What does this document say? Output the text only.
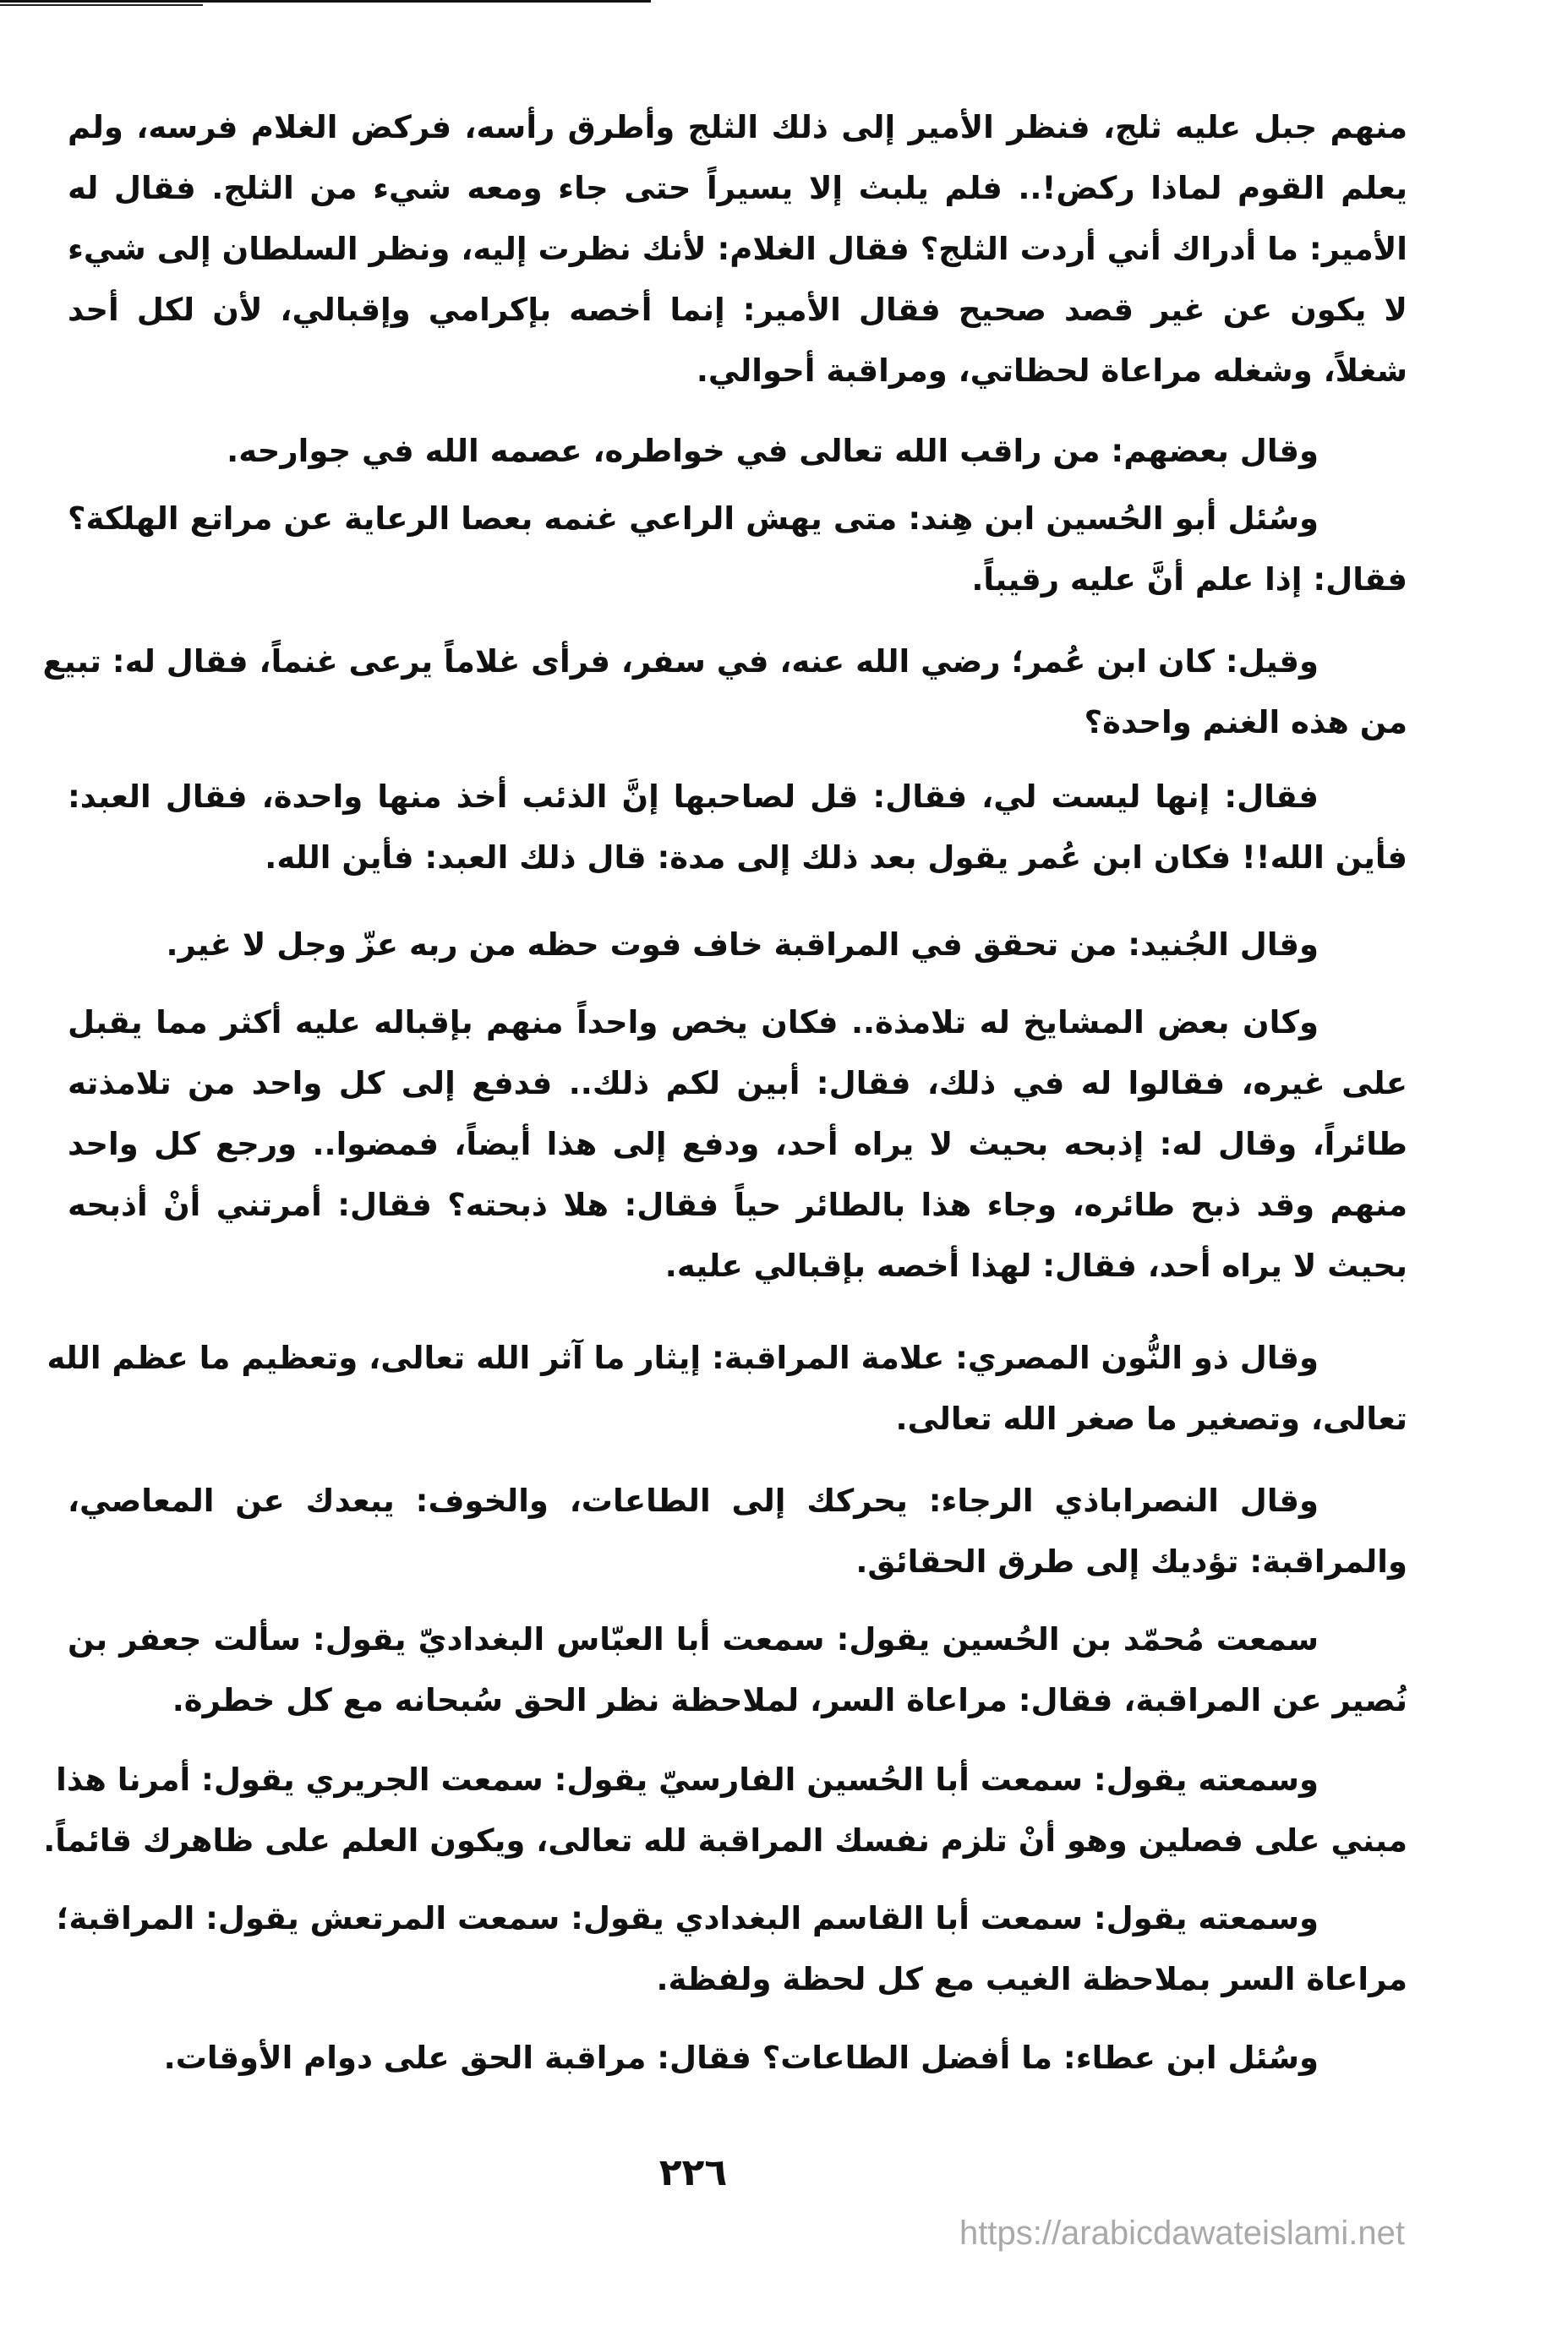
منهم جبل عليه ثلج، فنظر الأمير إلى ذلك الثلج وأطرق رأسه، فركض الغلام فرسه، ولم
يعلم القوم لماذا ركض!.. فلم يلبث إلا يسيراً حتى جاء ومعه شيء من الثلج. فقال له
الأمير: ما أدراك أني أردت الثلج؟ فقال الغلام: لأنك نظرت إليه، ونظر السلطان إلى شيء
لا يكون عن غير قصد صحيح فقال الأمير: إنما أخصه بإكرامي وإقبالي، لأن لكل أحد
شغلاً، وشغله مراعاة لحظاتي، ومراقبة أحوالي.
وقال بعضهم: من راقب الله تعالى في خواطره، عصمه الله في جوارحه.
وسُئل أبو الحُسين ابن هِند: متى يهش الراعي غنمه بعصا الرعاية عن مراتع الهلكة؟
فقال: إذا علم أنَّ عليه رقيباً.
وقيل: كان ابن عُمر؛ رضي الله عنه، في سفر، فرأى غلاماً يرعى غنماً، فقال له: تبيع
من هذه الغنم واحدة؟
فقال: إنها ليست لي، فقال: قل لصاحبها إنَّ الذئب أخذ منها واحدة، فقال العبد:
فأين الله!! فكان ابن عُمر يقول بعد ذلك إلى مدة: قال ذلك العبد: فأين الله.
وقال الجُنيد: من تحقق في المراقبة خاف فوت حظه من ربه عزّ وجل لا غير.
وكان بعض المشايخ له تلامذة.. فكان يخص واحداً منهم بإقباله عليه أكثر مما يقبل
على غيره، فقالوا له في ذلك، فقال: أبين لكم ذلك.. فدفع إلى كل واحد من تلامذته
طائراً، وقال له: إذبحه بحيث لا يراه أحد، ودفع إلى هذا أيضاً، فمضوا.. ورجع كل واحد
منهم وقد ذبح طائره، وجاء هذا بالطائر حياً فقال: هلا ذبحته؟ فقال: أمرتني أنْ أذبحه
بحيث لا يراه أحد، فقال: لهذا أخصه بإقبالي عليه.
وقال ذو النُّون المصري: علامة المراقبة: إيثار ما آثر الله تعالى، وتعظيم ما عظم الله
تعالى، وتصغير ما صغر الله تعالى.
وقال النصراباذي الرجاء: يحركك إلى الطاعات، والخوف: يبعدك عن المعاصي،
والمراقبة: تؤديك إلى طرق الحقائق.
سمعت مُحمّد بن الحُسين يقول: سمعت أبا العبّاس البغداديّ يقول: سألت جعفر بن
نُصير عن المراقبة، فقال: مراعاة السر، لملاحظة نظر الحق سُبحانه مع كل خطرة.
وسمعته يقول: سمعت أبا الحُسين الفارسيّ يقول: سمعت الجريري يقول: أمرنا هذا
مبني على فصلين وهو أنْ تلزم نفسك المراقبة لله تعالى، ويكون العلم على ظاهرك قائماً.
وسمعته يقول: سمعت أبا القاسم البغدادي يقول: سمعت المرتعش يقول: المراقبة؛
مراعاة السر بملاحظة الغيب مع كل لحظة ولفظة.
وسُئل ابن عطاء: ما أفضل الطاعات؟ فقال: مراقبة الحق على دوام الأوقات.
٢٢٦
https://arabicdawateislami.net
